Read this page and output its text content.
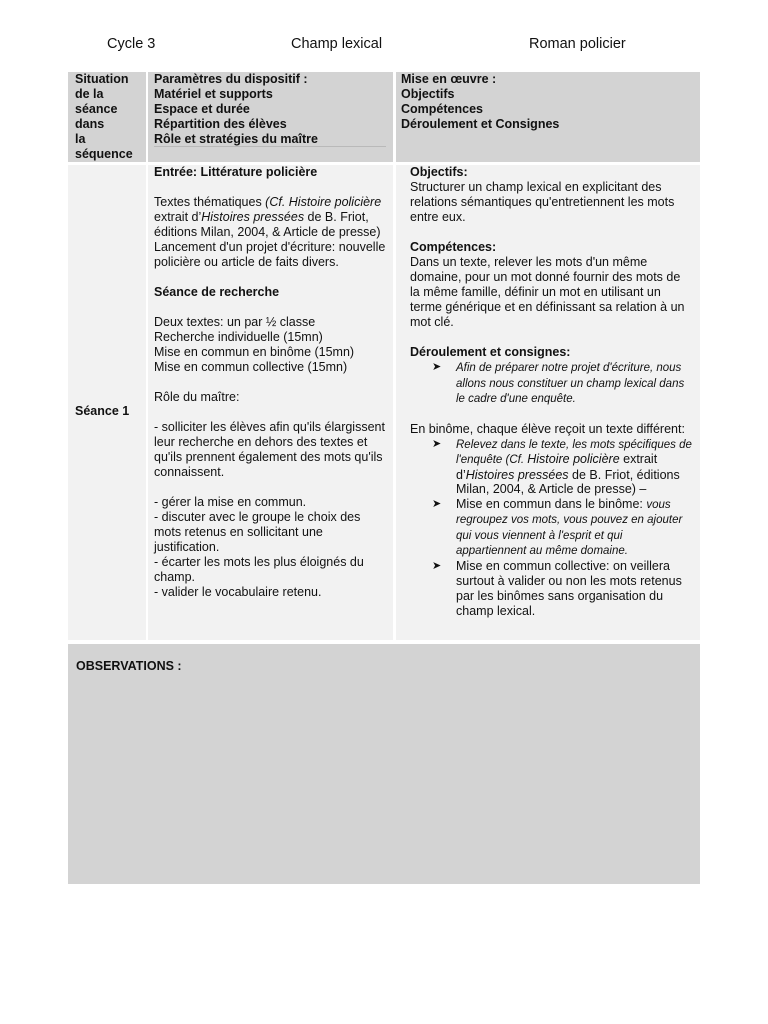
Cycle 3	Champ lexical	Roman policier
Situation
de la
séance
dans
la
séquence
Paramètres du dispositif :
Matériel et supports
Espace et durée
Répartition des élèves
Rôle et stratégies du maître
Mise en œuvre :
Objectifs
Compétences
Déroulement et Consignes
Séance 1

Entrée: Littérature policière

Textes thématiques (Cf. Histoire policière extrait d’Histoires pressées de B. Friot, éditions Milan, 2004, & Article de presse)

Lancement d'un projet d'écriture: nouvelle policière ou article de faits divers.

Séance de recherche

Deux textes: un par ½ classe

Recherche individuelle (15mn)

Mise en commun en binôme (15mn)

Mise en commun collective (15mn)

Rôle du maître:

- solliciter les élèves afin qu'ils élargissent leur recherche en dehors des textes et qu'ils prennent également des mots qu'ils connaissent.

- gérer la mise en commun.

- discuter avec le groupe le choix des mots retenus en sollicitant une justification.

- écarter les mots les plus éloignés du champ.

- valider le vocabulaire retenu.

Objectifs:

Structurer un champ lexical en explicitant des relations sémantiques qu'entretiennent les mots entre eux.

Compétences:

Dans un texte, relever les mots d'un même domaine, pour un mot donné fournir des mots de la même famille, définir un mot en utilisant un terme générique et en définissant sa relation à un mot clé.

Déroulement et consignes:

➤ Afin de préparer notre projet d'écriture, nous allons nous constituer un champ lexical dans le cadre d'une enquête.

En binôme, chaque élève reçoit un texte différent:

➤ Relevez dans le texte, les mots spécifiques de l'enquête (Cf. Histoire policière extrait d’Histoires pressées de B. Friot, éditions Milan, 2004, & Article de presse) –
➤ Mise en commun dans le binôme: vous regroupez vos mots, vous pouvez en ajouter qui vous viennent à l'esprit et qui appartiennent au même domaine.
➤ Mise en commun collective: on veillera surtout à valider ou non les mots retenus par les binômes sans organisation du champ lexical.
OBSERVATIONS :
